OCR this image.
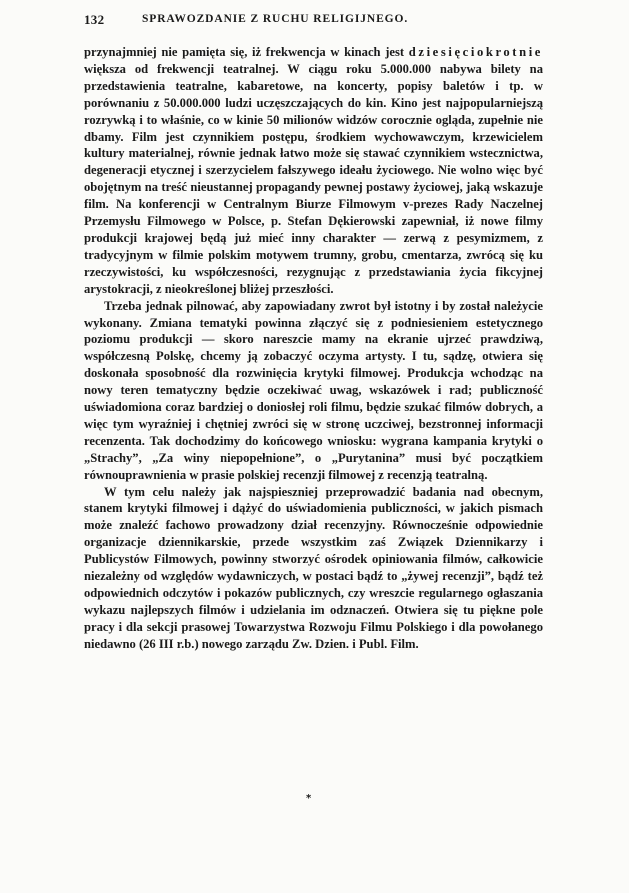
132	SPRAWOZDANIE Z RUCHU RELIGIJNEGO.

przynajmniej nie pamięta się, iż frekwencja w kinach jest dziesięciokrotnie większa od frekwencji teatralnej. W ciągu roku 5.000.000 nabywa bilety na przedstawienia teatralne, kabaretowe, na koncerty, popisy baletów i tp. w porównaniu z 50.000.000 ludzi uczęszczających do kin. Kino jest najpopularniejszą rozrywką i to właśnie, co w kinie 50 milionów widzów corocznie ogląda, zupełnie nie dbamy. Film jest czynnikiem postępu, środkiem wychowawczym, krzewicielem kultury materialnej, równie jednak łatwo może się stawać czynnikiem wstecznictwa, degeneracji etycznej i szerzycielem fałszywego ideału życiowego. Nie wolno więc być obojętnym na treść nieustannej propagandy pewnej postawy życiowej, jaką wskazuje film. Na konferencji w Centralnym Biurze Filmowym v-prezes Rady Naczelnej Przemysłu Filmowego w Polsce, p. Stefan Dękierowski zapewniał, iż nowe filmy produkcji krajowej będą już mieć inny charakter — zerwą z pesymizmem, z tradycyjnym w filmie polskim motywem trumny, grobu, cmentarza, zwrócą się ku rzeczywistości, ku współczesności, rezygnując z przedstawiania życia fikcyjnej arystokracji, z nieokreślonej bliżej przeszłości.

Trzeba jednak pilnować, aby zapowiadany zwrot był istotny i by został należycie wykonany. Zmiana tematyki powinna złączyć się z podniesieniem estetycznego poziomu produkcji — skoro nareszcie mamy na ekranie ujrzeć prawdziwą, współczesną Polskę, chcemy ją zobaczyć oczyma artysty. I tu, sądzę, otwiera się doskonała sposobność dla rozwinięcia krytyki filmowej. Produkcja wchodząc na nowy teren tematyczny będzie oczekiwać uwag, wskazówek i rad; publiczność uświadomiona coraz bardziej o doniosłej roli filmu, będzie szukać filmów dobrych, a więc tym wyraźniej i chętniej zwróci się w stronę uczciwej, bezstronnej informacji recenzenta. Tak dochodzimy do końcowego wniosku: wygrana kampania krytyki o „Strachy”, „Za winy niepopełnione”, o „Purytanina” musi być początkiem równouprawnienia w prasie polskiej recenzji filmowej z recenzją teatralną.

W tym celu należy jak najspieszniej przeprowadzić badania nad obecnym, stanem krytyki filmowej i dążyć do uświadomienia publiczności, w jakich pismach może znaleźć fachowo prowadzony dział recenzyjny. Równocześnie odpowiednie organizacje dziennikarskie, przede wszystkim zaś Związek Dziennikarzy i Publicystów Filmowych, powinny stworzyć ośrodek opiniowania filmów, całkowicie niezależny od względów wydawniczych, w postaci bądź to „żywej recenzji”, bądź też odpowiednich odczytów i pokazów publicznych, czy wreszcie regularnego ogłaszania wykazu najlepszych filmów i udzielania im odznaczeń. Otwiera się tu piękne pole pracy i dla sekcji prasowej Towarzystwa Rozwoju Filmu Polskiego i dla powołanego niedawno (26 III r.b.) nowego zarządu Zw. Dzien. i Publ. Film.

*
